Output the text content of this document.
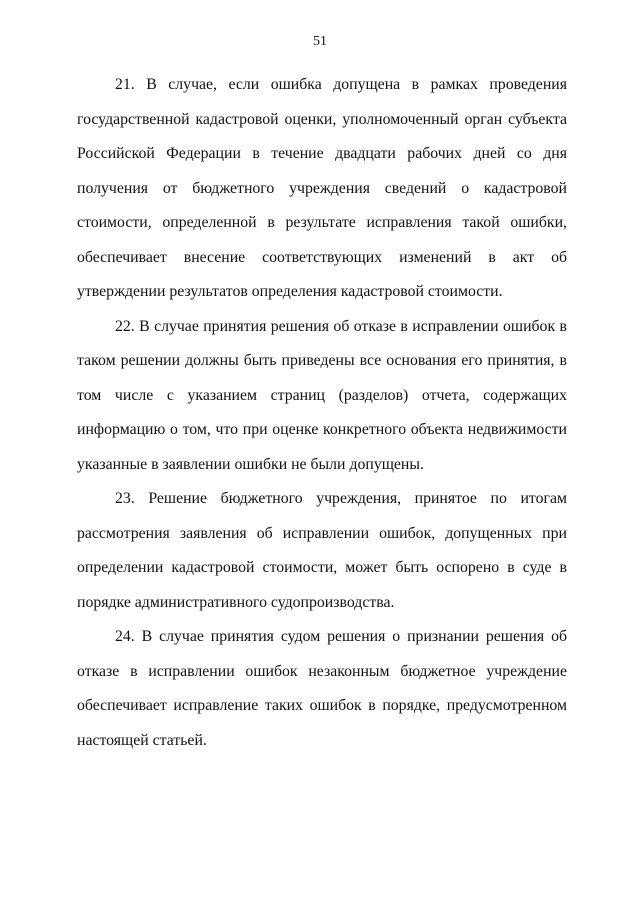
51

21. В случае, если ошибка допущена в рамках проведения государственной кадастровой оценки, уполномоченный орган субъекта Российской Федерации в течение двадцати рабочих дней со дня получения от бюджетного учреждения сведений о кадастровой стоимости, определенной в результате исправления такой ошибки, обеспечивает внесение соответствующих изменений в акт об утверждении результатов определения кадастровой стоимости.

22. В случае принятия решения об отказе в исправлении ошибок в таком решении должны быть приведены все основания его принятия, в том числе с указанием страниц (разделов) отчета, содержащих информацию о том, что при оценке конкретного объекта недвижимости указанные в заявлении ошибки не были допущены.

23. Решение бюджетного учреждения, принятое по итогам рассмотрения заявления об исправлении ошибок, допущенных при определении кадастровой стоимости, может быть оспорено в суде в порядке административного судопроизводства.

24. В случае принятия судом решения о признании решения об отказе в исправлении ошибок незаконным бюджетное учреждение обеспечивает исправление таких ошибок в порядке, предусмотренном настоящей статьей.
